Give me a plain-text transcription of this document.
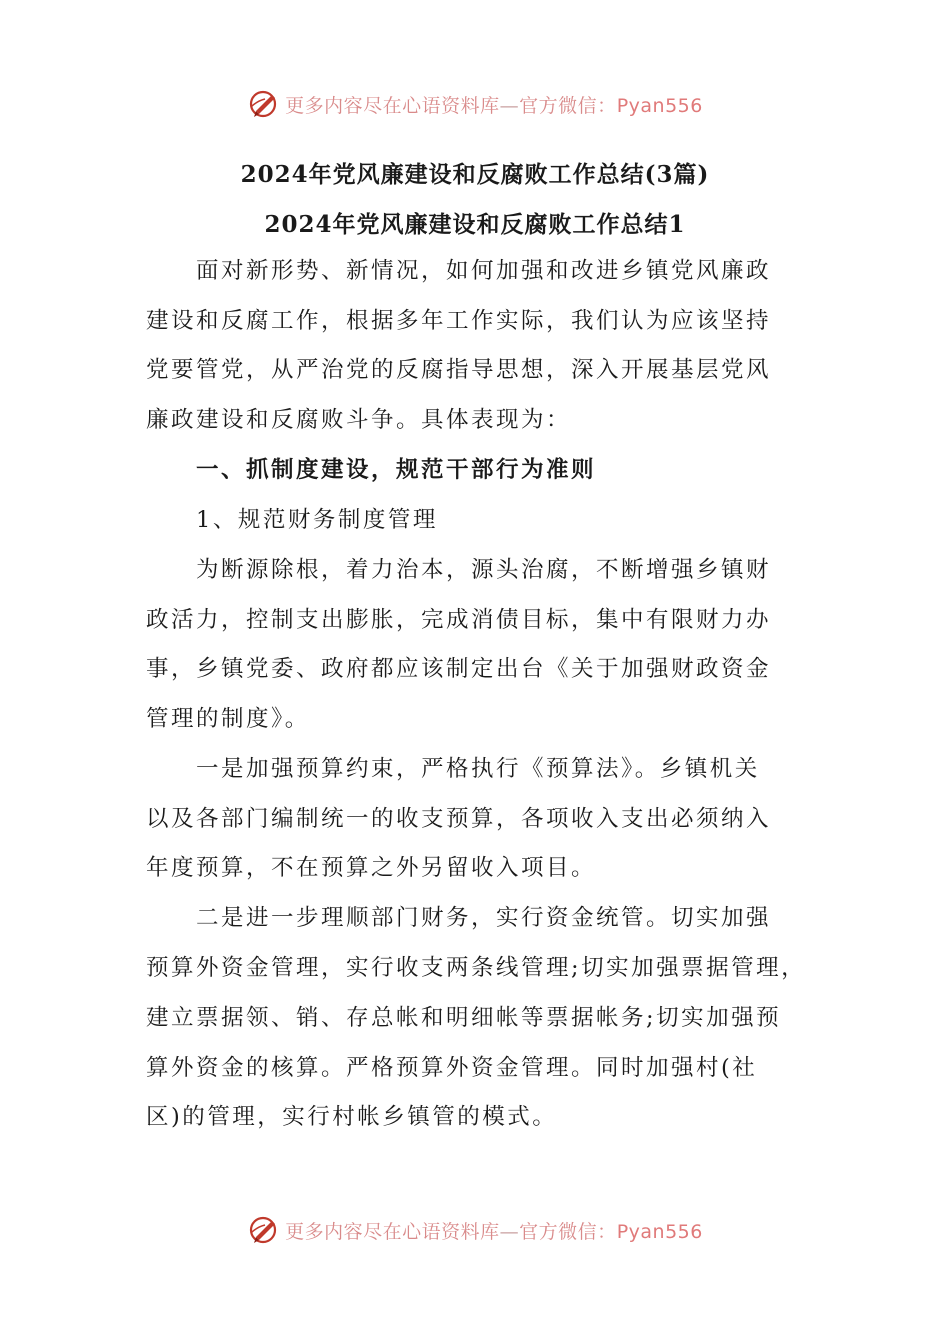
更多内容尽在心语资料库—官方微信：Pyan556
2024年党风廉建设和反腐败工作总结(3篇)
2024年党风廉建设和反腐败工作总结1
面对新形势、新情况，如何加强和改进乡镇党风廉政
建设和反腐工作，根据多年工作实际，我们认为应该坚持
党要管党，从严治党的反腐指导思想，深入开展基层党风
廉政建设和反腐败斗争。具体表现为：
一、抓制度建设，规范干部行为准则
1、规范财务制度管理
为断源除根，着力治本，源头治腐，不断增强乡镇财
政活力，控制支出膨胀，完成消债目标，集中有限财力办
事，乡镇党委、政府都应该制定出台《关于加强财政资金
管理的制度》。
一是加强预算约束，严格执行《预算法》。乡镇机关
以及各部门编制统一的收支预算，各项收入支出必须纳入
年度预算，不在预算之外另留收入项目。
二是进一步理顺部门财务，实行资金统管。切实加强
预算外资金管理，实行收支两条线管理;切实加强票据管理，
建立票据领、销、存总帐和明细帐等票据帐务;切实加强预
算外资金的核算。严格预算外资金管理。同时加强村(社
区)的管理，实行村帐乡镇管的模式。
更多内容尽在心语资料库—官方微信：Pyan556
